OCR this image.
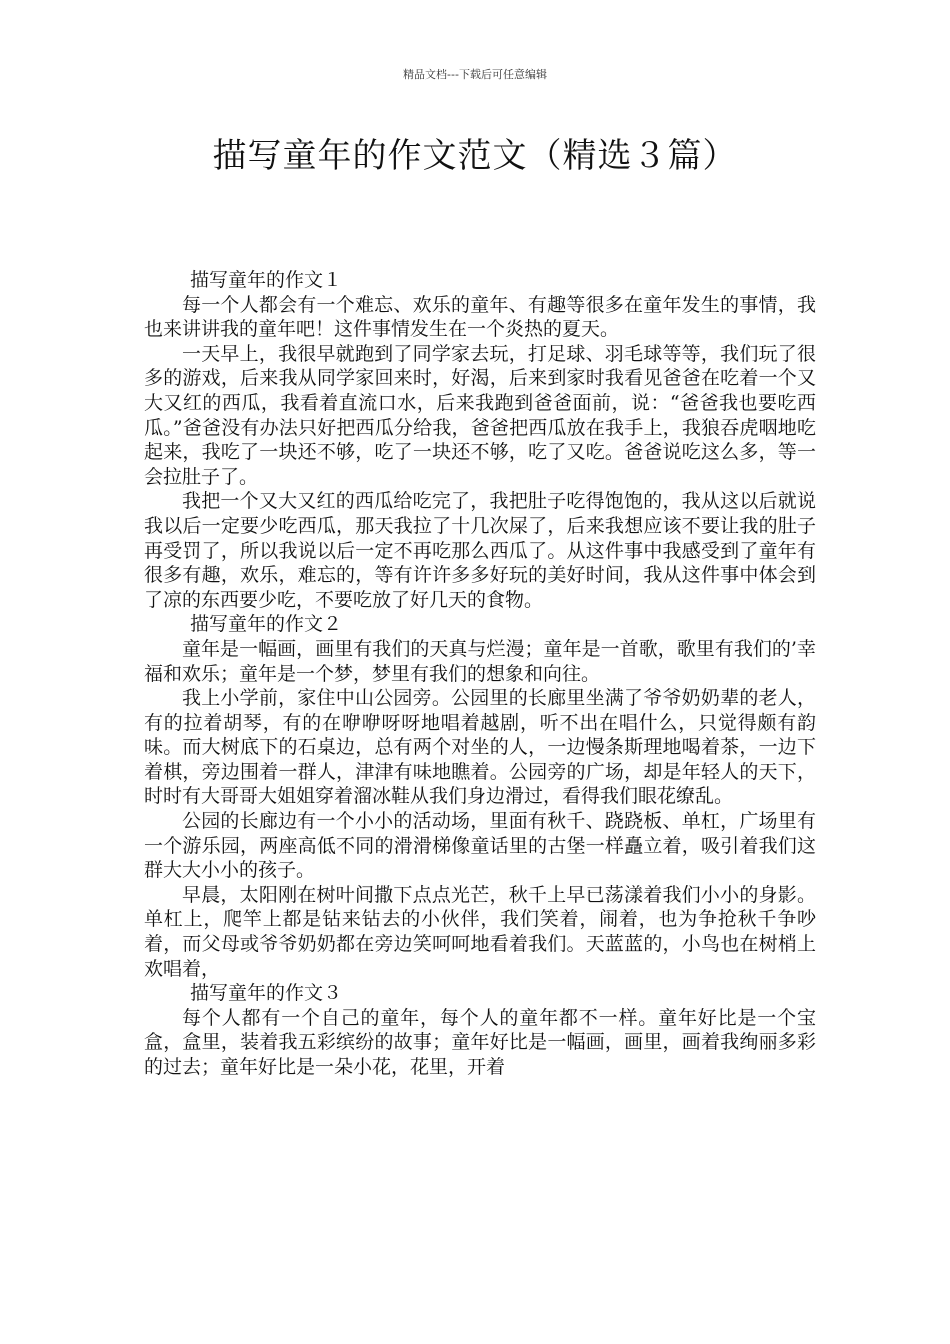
精品文档---下载后可任意编辑
描写童年的作文范文（精选３篇）
描写童年的作文１

每一个人都会有一个难忘、欢乐的童年、有趣等很多在童年发生的事情，我也来讲讲我的童年吧！这件事情发生在一个炎热的夏天。

一天早上，我很早就跑到了同学家去玩，打足球、羽毛球等等，我们玩了很多的游戏，后来我从同学家回来时，好渴，后来到家时我看见爸爸在吃着一个又大又红的西瓜，我看着直流口水，后来我跑到爸爸面前，说：“爸爸我也要吃西瓜。”爸爸没有办法只好把西瓜分给我，爸爸把西瓜放在我手上，我狼吞虎咽地吃起来，我吃了一块还不够，吃了一块还不够，吃了又吃。爸爸说吃这么多，等一会拉肚子了。

我把一个又大又红的西瓜给吃完了，我把肚子吃得饱饱的，我从这以后就说我以后一定要少吃西瓜，那天我拉了十几次屎了，后来我想应该不要让我的肚子再受罚了，所以我说以后一定不再吃那么西瓜了。从这件事中我感受到了童年有很多有趣，欢乐，难忘的，等有许许多多好玩的美好时间，我从这件事中体会到了凉的东西要少吃，不要吃放了好几天的食物。

描写童年的作文２

童年是一幅画，画里有我们的天真与烂漫；童年是一首歌，歌里有我们的’幸福和欢乐；童年是一个梦，梦里有我们的想象和向往。

我上小学前，家住中山公园旁。公园里的长廊里坐满了爷爷奶奶辈的老人，有的拉着胡琴，有的在咿咿呀呀地唱着越剧，听不出在唱什么，只觉得颇有韵味。而大树底下的石桌边，总有两个对坐的人，一边慢条斯理地喝着茶，一边下着棋，旁边围着一群人，津津有味地瞧着。公园旁的广场，却是年轻人的天下，时时有大哥哥大姐姐穿着溜冰鞋从我们身边滑过，看得我们眼花缭乱。

公园的长廊边有一个小小的活动场，里面有秋千、跷跷板、单杠，广场里有一个游乐园，两座高低不同的滑滑梯像童话里的古堡一样矗立着，吸引着我们这群大大小小的孩子。

早晨，太阳刚在树叶间撒下点点光芒，秋千上早已荡漾着我们小小的身影。单杠上，爬竿上都是钻来钻去的小伙伴，我们笑着，闹着，也为争抢秋千争吵着，而父母或爷爷奶奶都在旁边笑呵呵地看着我们。天蓝蓝的，小鸟也在树梢上欢唱着，

描写童年的作文３

每个人都有一个自己的童年，每个人的童年都不一样。童年好比是一个宝盒，盒里，装着我五彩缤纷的故事；童年好比是一幅画，画里，画着我绚丽多彩的过去；童年好比是一朵小花，花里，开着
